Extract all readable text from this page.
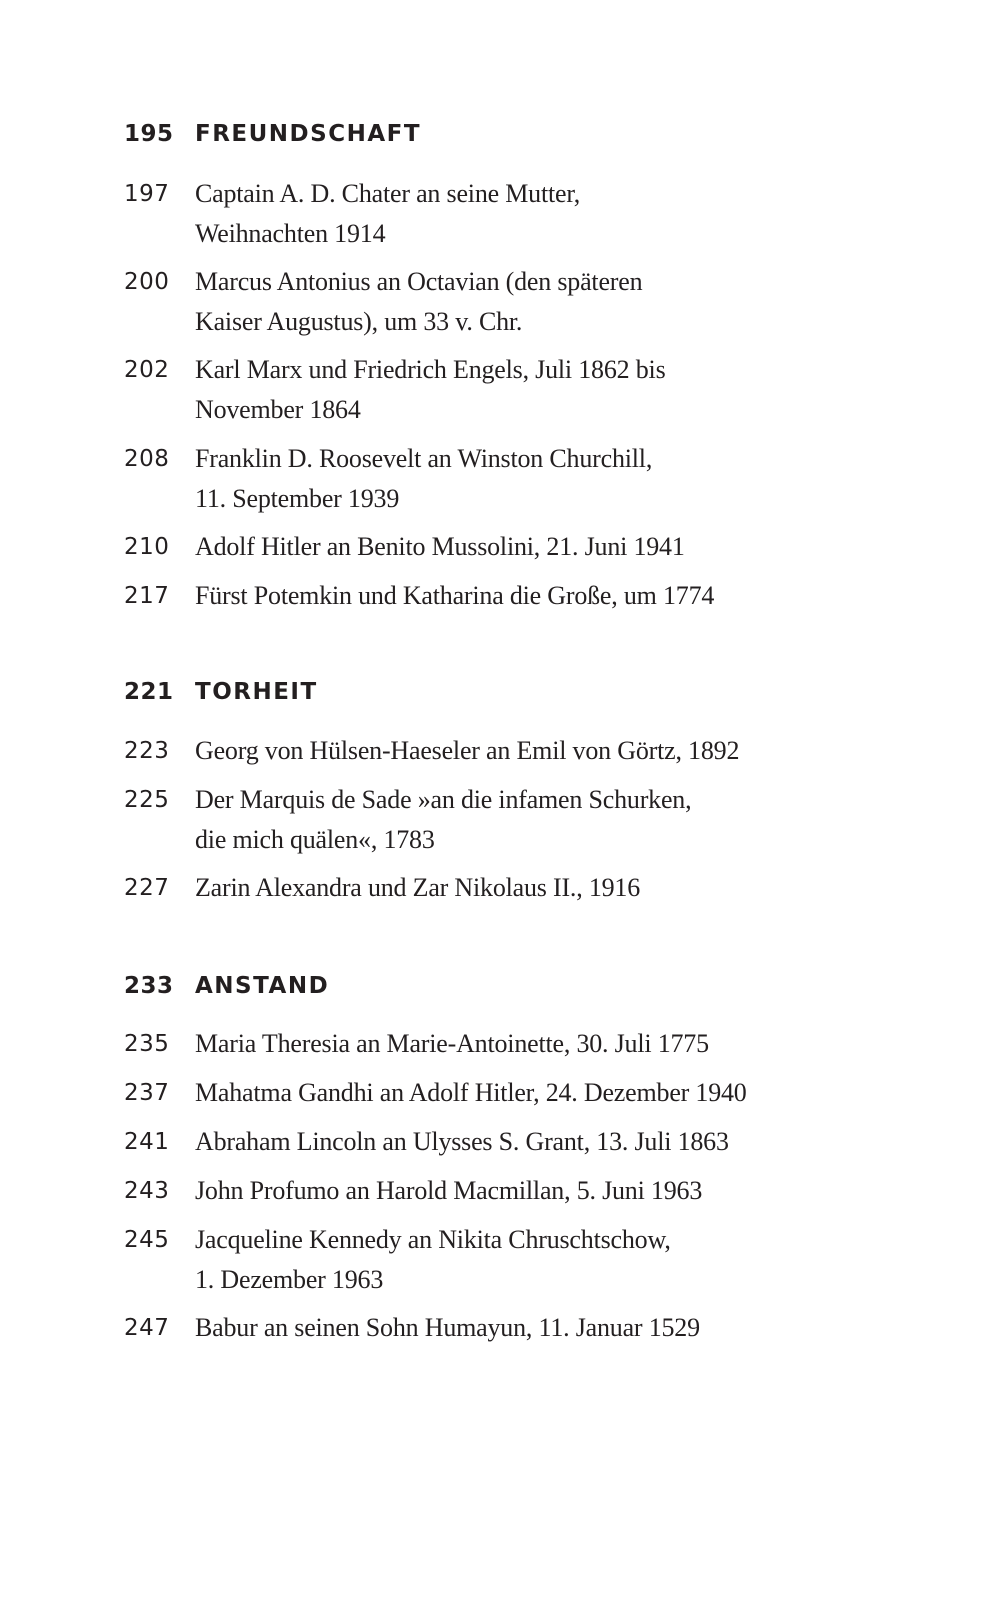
195 FREUNDSCHAFT
197 Captain A. D. Chater an seine Mutter,
Weihnachten 1914
200 Marcus Antonius an Octavian (den späteren
Kaiser Augustus), um 33 v. Chr.
202 Karl Marx und Friedrich Engels, Juli 1862 bis
November 1864
208 Franklin D. Roosevelt an Winston Churchill,
11. September 1939
210 Adolf Hitler an Benito Mussolini, 21. Juni 1941
217 Fürst Potemkin und Katharina die Große, um 1774
221 TORHEIT
223 Georg von Hülsen-Haeseler an Emil von Görtz, 1892
225 Der Marquis de Sade »an die infamen Schurken,
die mich quälen«, 1783
227 Zarin Alexandra und Zar Nikolaus II., 1916
233 ANSTAND
235 Maria Theresia an Marie-Antoinette, 30. Juli 1775
237 Mahatma Gandhi an Adolf Hitler, 24. Dezember 1940
241 Abraham Lincoln an Ulysses S. Grant, 13. Juli 1863
243 John Profumo an Harold Macmillan, 5. Juni 1963
245 Jacqueline Kennedy an Nikita Chruschtschow,
1. Dezember 1963
247 Babur an seinen Sohn Humayun, 11. Januar 1529
